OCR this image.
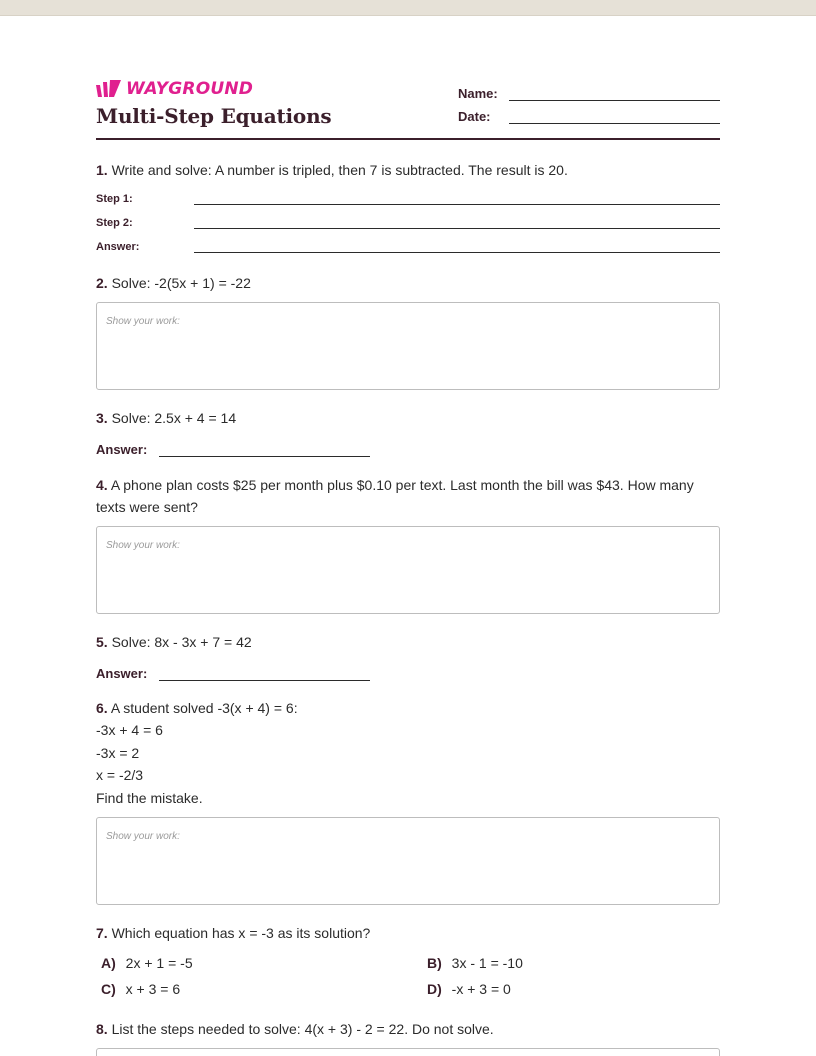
WAYGROUND
Multi-Step Equations
Name:
Date:
1. Write and solve: A number is tripled, then 7 is subtracted. The result is 20.
Step 1:
Step 2:
Answer:
2. Solve: -2(5x + 1) = -22
Show your work:
3. Solve: 2.5x + 4 = 14
Answer:
4. A phone plan costs $25 per month plus $0.10 per text. Last month the bill was $43. How many texts were sent?
Show your work:
5. Solve: 8x - 3x + 7 = 42
Answer:
6. A student solved -3(x + 4) = 6:
-3x + 4 = 6
-3x = 2
x = -2/3
Find the mistake.
Show your work:
7. Which equation has x = -3 as its solution?
A) 2x + 1 = -5	B) 3x - 1 = -10
C) x + 3 = 6	D) -x + 3 = 0
8. List the steps needed to solve: 4(x + 3) - 2 = 22. Do not solve.
